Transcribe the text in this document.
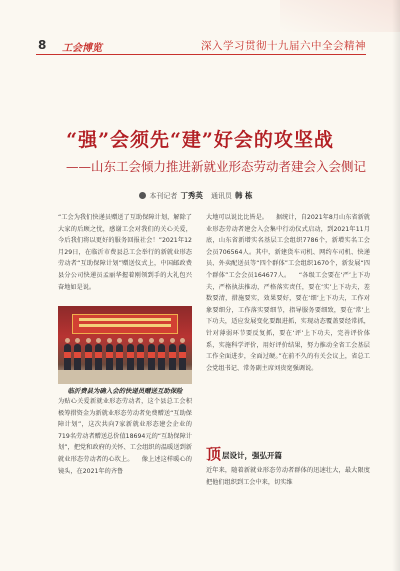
8 工会博览	深入学习贯彻十九届六中全会精神
“强”会须先“建”好会的攻坚战
——山东工会倾力推进新就业形态劳动者建会入会侧记
本刊记者 丁秀英 通讯员 韩 栋

“工会为我们快递员赠送了互助保障计划，解除了大家的后顾之忧，感谢工会对我们的关心关爱，今后我们将以更好的服务回报社会！”2021年12月29日，在临沂市费县总工会举行的新就业形态劳动者“互助保障计划”赠送仪式上，中国邮政费县分公司快递员孟丽华握着刚领到手的大礼包兴奋地如是说。

临沂费县为确入会的快递员赠送互助保险

为贴心关爱新就业形态劳动者，这个县总工会积极筹措资金为新就业形态劳动者免费赠送“互助保障计划”，这次共向7家新就业形态建会企业的719名劳动者赠送总价值18694元的“互助保障计划”，把党和政府的关怀、工会组织的温暖送到新就业形态劳动者的心坎上。    像上述这样暖心的镜头，在2021年的齐鲁

大地可以说比比皆是。    据统计，自2021年8月山东省新就业形态劳动者建会入会集中行动仪式启动，到2021年11月底，山东省新增实名基层工会组织7786个，新增实名工会会员706564人。其中，新建货车司机、网约车司机、快递员、外卖配送员等“四个群体”工会组织1670个，新发展“四个群体”工会会员164677人。    “各级工会要在‘严’上下功夫，严格执法推动，严格落实责任，要在‘实’上下功夫，差数要清，措施要实，效果要好，要在‘细’上下功夫，工作对象要细分，工作落实要细节，指导服务要细致，要在‘常’上下功夫，适应发展变化要跟进抓，实现动态覆盖要经常抓，针对薄弱环节要反复抓，要在‘评’上下功夫，完善评价体系，实施科学评价，用好评价结果，努力推动全省工会基层工作全面进步，全面过硬。”在前不久的有关会议上，省总工会党组书记、常务副主席刘贵宽强调说。

顶 层设计，强弘开篇

近年来，随着新就业形态劳动者群体的迅速壮大，最大限度把他们组织到工会中来，切实维
